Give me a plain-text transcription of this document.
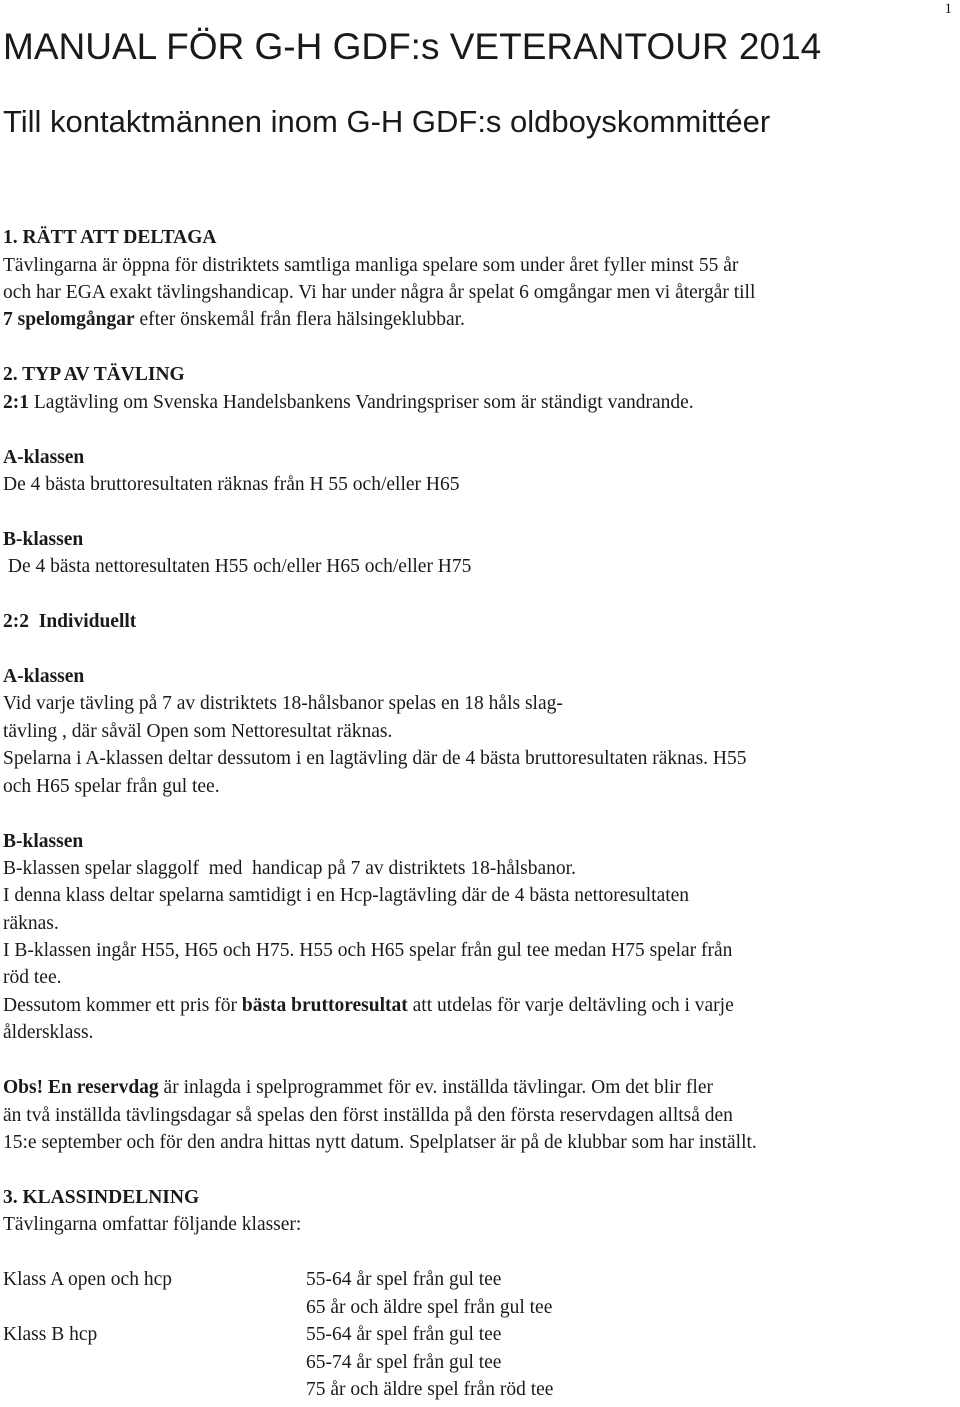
1
MANUAL FÖR G-H GDF:s VETERANTOUR 2014
Till kontaktmännen inom G-H GDF:s oldboyskommittéer

1. RÄTT ATT DELTAGA

Tävlingarna är öppna för distriktets samtliga manliga spelare som under året fyller minst 55 år

och har EGA exakt tävlingshandicap. Vi har under några år spelat 6 omgångar men vi återgår till

7 spelomgångar efter önskemål från flera hälsingeklubbar.

2. TYP AV TÄVLING

2:1 Lagtävling om Svenska Handelsbankens Vandringspriser som är ständigt vandrande.

A-klassen

De 4 bästa bruttoresultaten räknas från H 55 och/eller H65

B-klassen

De 4 bästa nettoresultaten H55 och/eller H65 och/eller H75

2:2  Individuellt

A-klassen

Vid varje tävling på 7 av distriktets 18-hålsbanor spelas en 18 håls slag-

tävling , där såväl Open som Nettoresultat räknas.

Spelarna i A-klassen deltar dessutom i en lagtävling där de 4 bästa bruttoresultaten räknas. H55

och H65 spelar från gul tee.

B-klassen

B-klassen spelar slaggolf  med  handicap på 7 av distriktets 18-hålsbanor.

I denna klass deltar spelarna samtidigt i en Hcp-lagtävling där de 4 bästa nettoresultaten

räknas.

I B-klassen ingår H55, H65 och H75. H55 och H65 spelar från gul tee medan H75 spelar från

röd tee.

Dessutom kommer ett pris för bästa bruttoresultat att utdelas för varje deltävling och i varje

åldersklass.

Obs! En reservdag är inlagda i spelprogrammet för ev. inställda tävlingar. Om det blir fler

än två inställda tävlingsdagar så spelas den först inställda på den första reservdagen alltså den

15:e september och för den andra hittas nytt datum. Spelplatser är på de klubbar som har inställt.

3. KLASSINDELNING

Tävlingarna omfattar följande klasser:

Klass A open och hcp	55-64 år spel från gul tee

65 år och äldre spel från gul tee

Klass B hcp	55-64 år spel från gul tee

65-74 år spel från gul tee

75 år och äldre spel från röd tee
